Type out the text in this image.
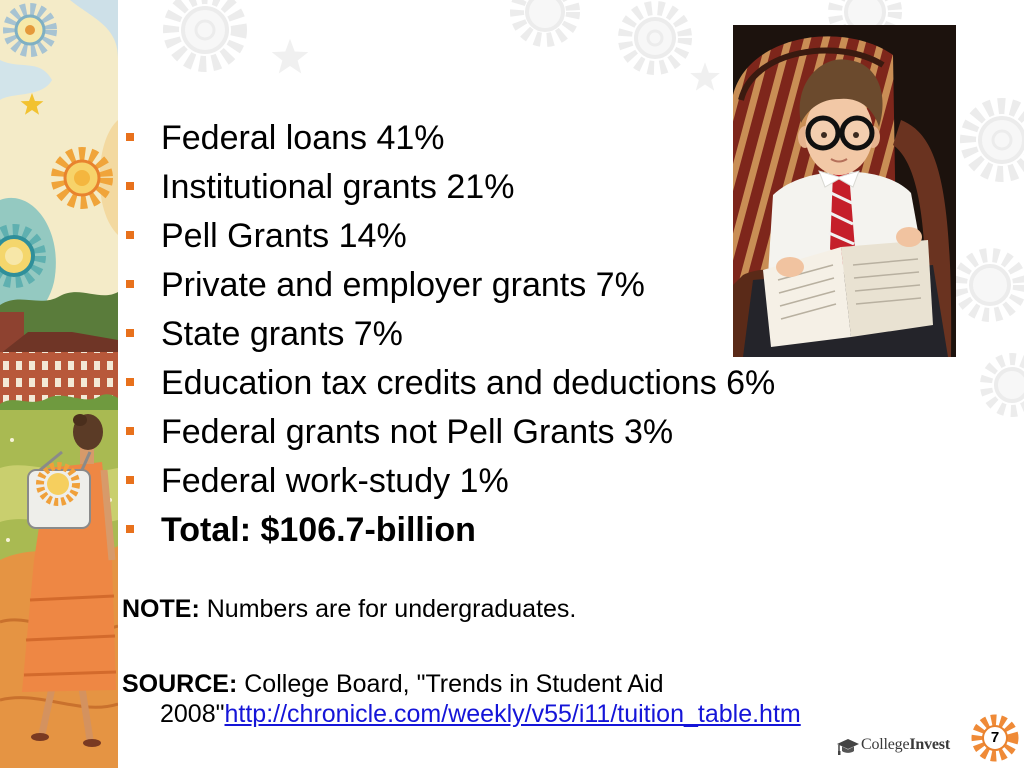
Federal loans 41%
Institutional grants 21%
Pell Grants 14%
Private and employer grants 7%
State grants 7%
Education tax credits and deductions 6%
Federal grants not Pell Grants 3%
Federal work-study 1%
Total: $106.7-billion
NOTE: Numbers are for undergraduates.
SOURCE: College Board, "Trends in Student Aid
2008"http://chronicle.com/weekly/v55/i11/tuition_table.htm
CollegeInvest	7
